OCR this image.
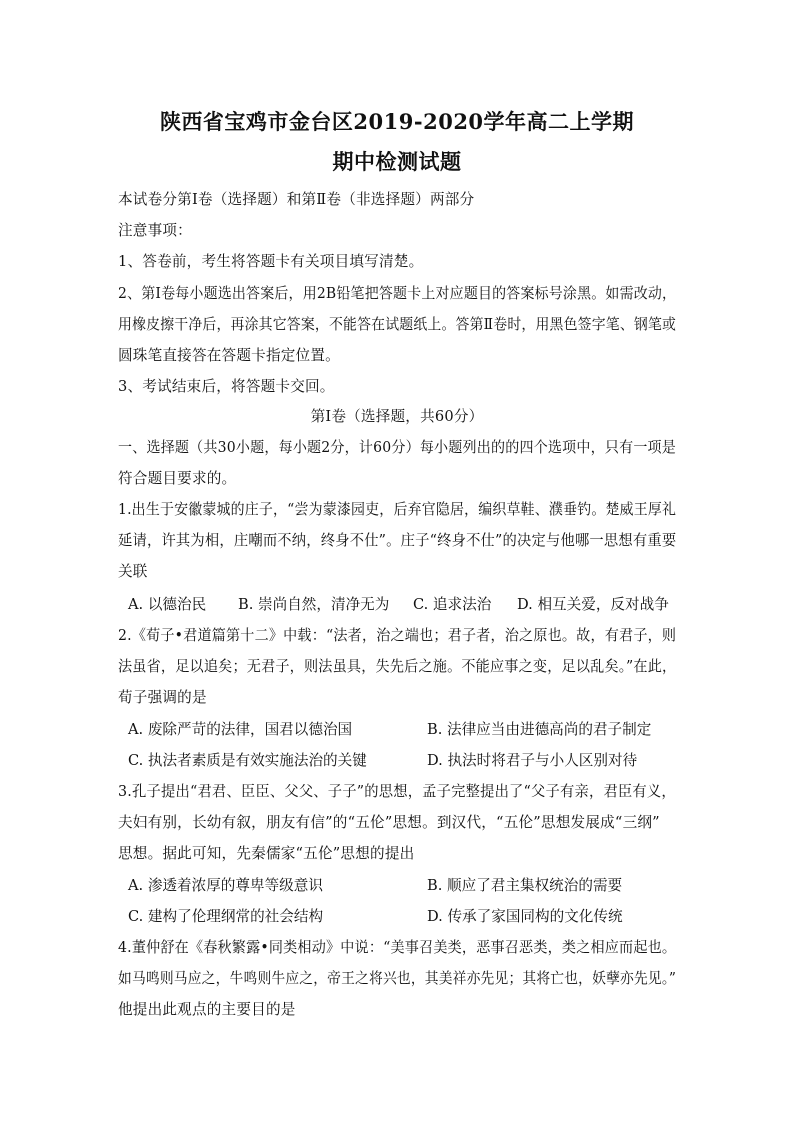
陕西省宝鸡市金台区2019-2020学年高二上学期
期中检测试题
本试卷分第Ⅰ卷（选择题）和第Ⅱ卷（非选择题）两部分
注意事项：
1、答卷前，考生将答题卡有关项目填写清楚。
2、第Ⅰ卷每小题选出答案后，用2B铅笔把答题卡上对应题目的答案标号涂黑。如需改动，
用橡皮擦干净后，再涂其它答案，不能答在试题纸上。答第Ⅱ卷时，用黑色签字笔、钢笔或
圆珠笔直接答在答题卡指定位置。
3、考试结束后，将答题卡交回。
第Ⅰ卷（选择题，共60分）
一、选择题（共30小题，每小题2分，计60分）每小题列出的的四个选项中，只有一项是
符合题目要求的。
1.出生于安徽蒙城的庄子，“尝为蒙漆园吏，后弃官隐居，编织草鞋、濮垂钓。楚威王厚礼
延请，许其为相，庄嘲而不纳，终身不仕”。庄子“终身不仕”的决定与他哪一思想有重要
关联
A. 以德治民 B. 崇尚自然，清净无为 C. 追求法治 D. 相互关爱，反对战争
2.《荀子•君道篇第十二》中载：“法者，治之端也；君子者，治之原也。故，有君子，则
法虽省，足以追矣；无君子，则法虽具，失先后之施。不能应事之变，足以乱矣。”在此，
荀子强调的是
A. 废除严苛的法律，国君以德治国	B. 法律应当由进德高尚的君子制定
C. 执法者素质是有效实施法治的关键	D. 执法时将君子与小人区别对待
3.孔子提出“君君、臣臣、父父、子子”的思想，孟子完整提出了“父子有亲，君臣有义，
夫妇有别，长幼有叙，朋友有信”的“五伦”思想。到汉代，“五伦”思想发展成“三纲”
思想。据此可知，先秦儒家“五伦”思想的提出
A. 渗透着浓厚的尊卑等级意识	B. 顺应了君主集权统治的需要
C. 建构了伦理纲常的社会结构	D. 传承了家国同构的文化传统
4.董仲舒在《春秋繁露•同类相动》中说：“美事召美类，恶事召恶类，类之相应而起也。
如马鸣则马应之，牛鸣则牛应之，帝王之将兴也，其美祥亦先见；其将亡也，妖孽亦先见。”
他提出此观点的主要目的是
